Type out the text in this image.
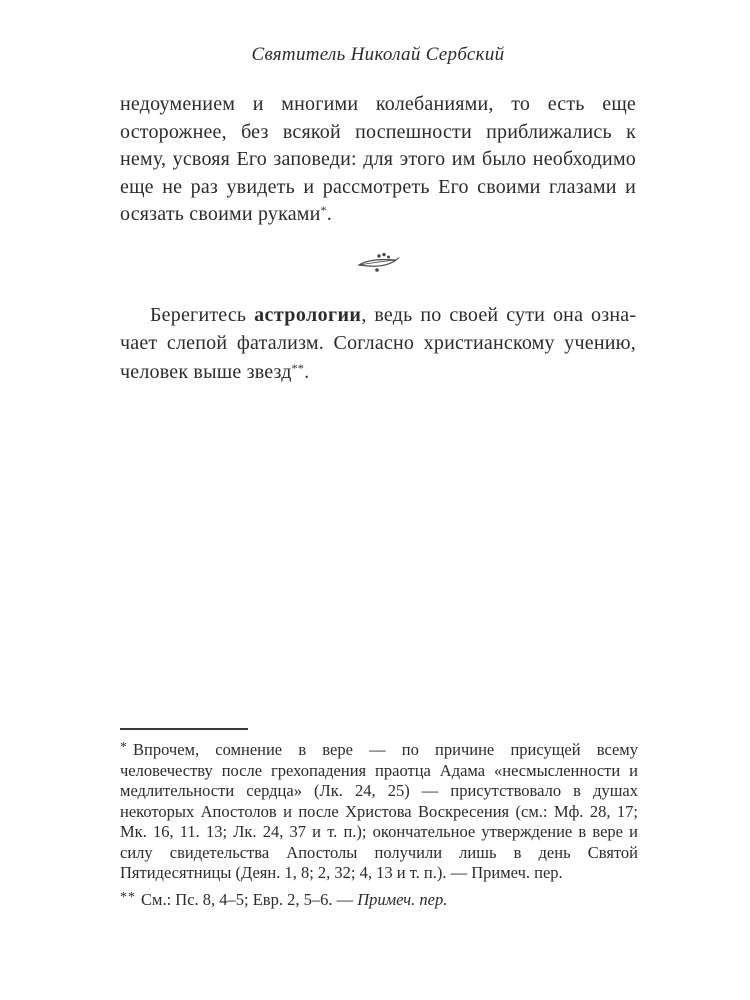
Святитель Николай Сербский

недоумением и многими колебаниями, то есть еще осторожнее, без всякой поспешности приближались к нему, усвояя Его заповеди: для этого им было необходимо еще не раз увидеть и рассмотреть Его своими глазами и осязать своими руками*.

Берегитесь астрологии, ведь по своей сути она означает слепой фатализм. Согласно христианскому учению, человек выше звезд**.

* Впрочем, сомнение в вере — по причине присущей всему человечеству после грехопадения праотца Адама «несмысленности и медлительности сердца» (Лк. 24, 25) — присутствовало в душах некоторых Апостолов и после Христова Воскресения (см.: Мф. 28, 17; Мк. 16, 11. 13; Лк. 24, 37 и т. п.); окончательное утверждение в вере и силу свидетельства Апостолы получили лишь в день Святой Пятидесятницы (Деян. 1, 8; 2, 32; 4, 13 и т. п.). — Примеч. пер.

** См.: Пс. 8, 4–5; Евр. 2, 5–6. — Примеч. пер.
